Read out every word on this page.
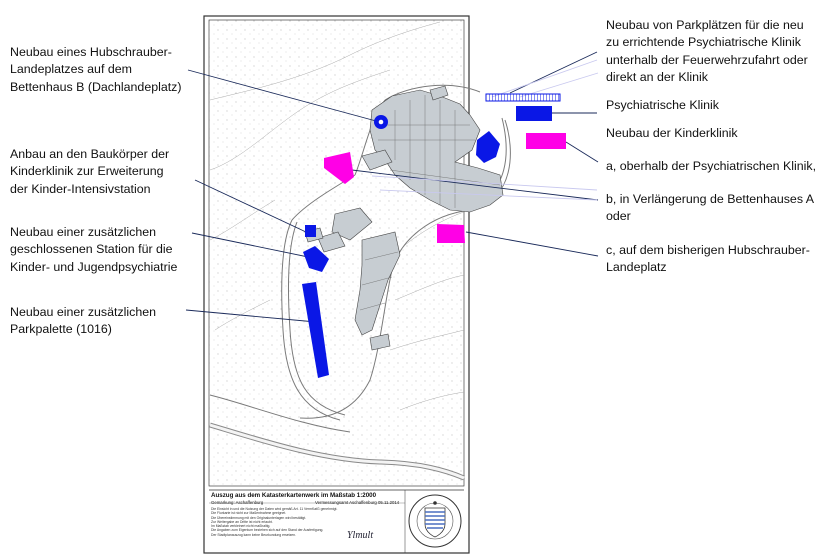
Neubau eines Hubschrauber-
Landeplatzes auf dem
Bettenhaus B (Dachlandeplatz)
Anbau an den Baukörper der
Kinderklinik zur Erweiterung
der Kinder-Intensivstation
Neubau einer zusätzlichen
geschlossenen Station für die
Kinder- und Jugendpsychiatrie
Neubau einer zusätzlichen
Parkpalette (1016)
Neubau von Parkplätzen für die neu
zu errichtende Psychiatrische Klinik
unterhalb der Feuerwehrzufahrt oder
direkt an der Klinik
Psychiatrische Klinik
Neubau der Kinderklinik
a, oberhalb der Psychiatrischen Klinik,
b, in Verlängerung de Bettenhauses A
oder
c, auf dem bisherigen Hubschrauber-
Landeplatz
Auszug aus dem Katasterkartenwerk im Maßstab 1:2000
Gemarkung: Aschaffenburg	Vermessungsamt Aschaffenburg 05.11.2014
Die Einsicht in und die Nutzung der Daten wird gemäß Art. 11 VermKatG genehmigt.
Die Flurkarte ist nicht zur Maßentnahme geeignet.
Die Übereinstimmung mit den Originalunterlagen wird bestätigt.
Zur Weitergabe an Dritte ist nicht erlaubt.
Im Maßstab verkleinert nicht maßhaltig.
Die Angaben zum Eigentum beziehen sich auf den Stand der Ausfertigung.
Der Stadtplanauszug kann keine Beurkundung ersetzen.	Ylmult
